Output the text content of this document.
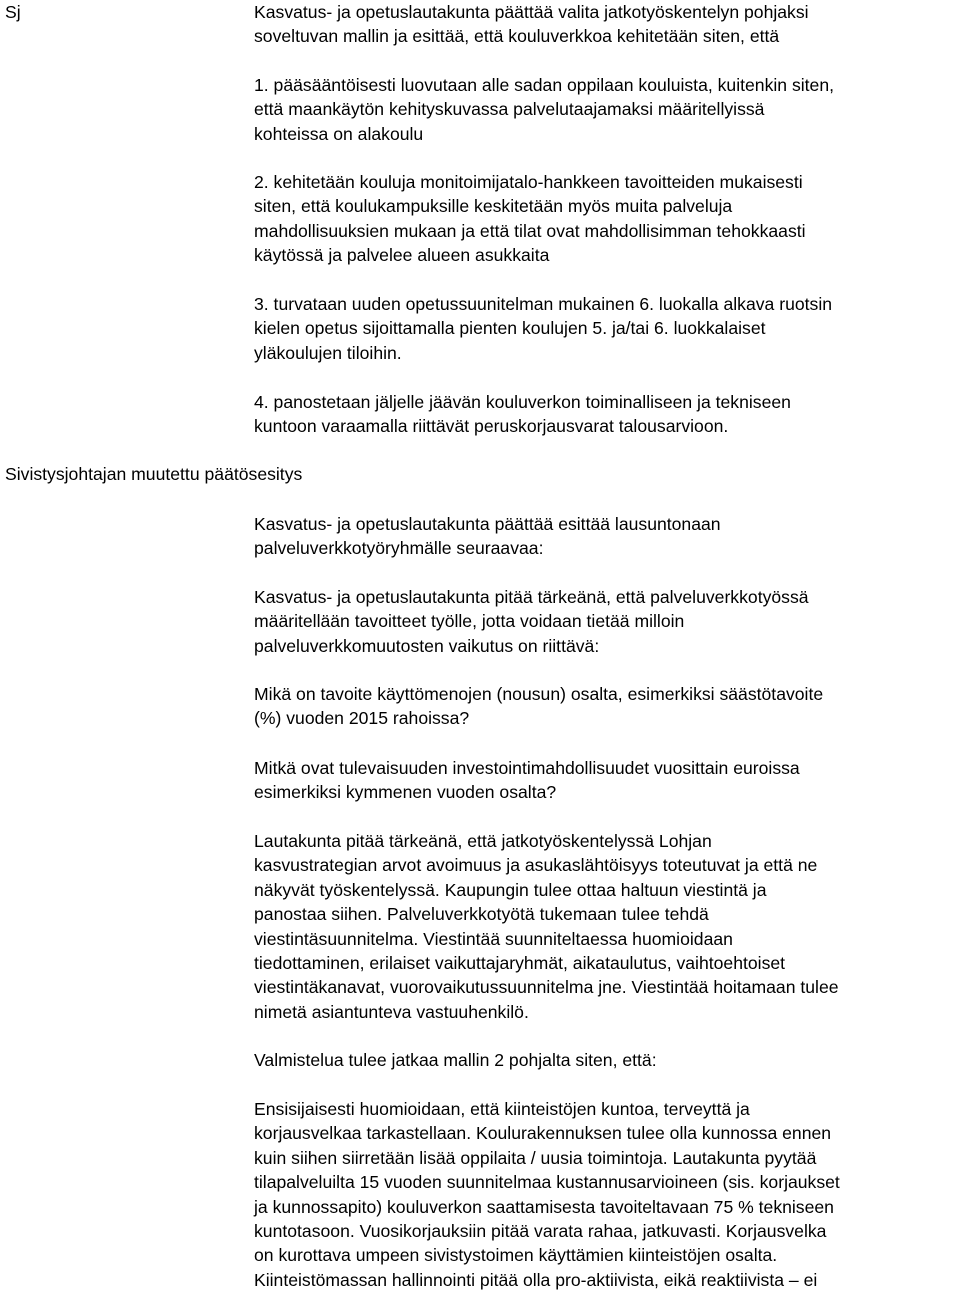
Sj

Sivistysjohtajan muutettu päätösesitys

Kasvatus- ja opetuslautakunta päättää valita jatkotyöskentelyn pohjaksi
soveltuvan mallin ja esittää, että kouluverkkoa kehitetään siten, että

1. pääsääntöisesti luovutaan alle sadan oppilaan kouluista, kuitenkin siten,
että maankäytön kehityskuvassa palvelutaajamaksi määritellyissä
kohteissa on alakoulu

2. kehitetään kouluja monitoimijatalo-hankkeen tavoitteiden mukaisesti
siten, että koulukampuksille keskitetään myös muita palveluja
mahdollisuuksien mukaan ja että tilat ovat mahdollisimman tehokkaasti
käytössä ja palvelee alueen asukkaita

3. turvataan uuden opetussuunitelman mukainen 6. luokalla alkava ruotsin
kielen opetus sijoittamalla pienten koulujen 5. ja/tai 6. luokkalaiset
yläkoulujen tiloihin.

4. panostetaan jäljelle jäävän kouluverkon toiminalliseen ja tekniseen
kuntoon varaamalla riittävät peruskorjausvarat talousarvioon.

Kasvatus- ja opetuslautakunta päättää esittää lausuntonaan
palveluverkkotyöryhmälle seuraavaa:

Kasvatus- ja opetuslautakunta pitää tärkeänä, että palveluverkkotyössä
määritellään tavoitteet työlle, jotta voidaan tietää milloin
palveluverkkomuutosten vaikutus on riittävä:

Mikä on tavoite käyttömenojen (nousun) osalta, esimerkiksi säästötavoite
(%) vuoden 2015 rahoissa?

Mitkä ovat tulevaisuuden investointimahdollisuudet vuosittain euroissa
esimerkiksi kymmenen vuoden osalta?

Lautakunta pitää tärkeänä, että jatkotyöskentelyssä Lohjan
kasvustrategian arvot avoimuus ja asukaslähtöisyys toteutuvat ja että ne
näkyvät työskentelyssä. Kaupungin tulee ottaa haltuun viestintä ja
panostaa siihen. Palveluverkkotyötä tukemaan tulee tehdä
viestintäsuunnitelma. Viestintää suunniteltaessa huomioidaan
tiedottaminen, erilaiset vaikuttajaryhmät, aikataulutus, vaihtoehtoiset
viestintäkanavat, vuorovaikutussuunnitelma jne. Viestintää hoitamaan tulee
nimetä asiantunteva vastuuhenkilö.

Valmistelua tulee jatkaa mallin 2 pohjalta siten, että:

Ensisijaisesti huomioidaan, että kiinteistöjen kuntoa, terveyttä ja
korjausvelkaa tarkastellaan. Koulurakennuksen tulee olla kunnossa ennen
kuin siihen siirretään lisää oppilaita / uusia toimintoja. Lautakunta pyytää
tilapalveluilta 15 vuoden suunnitelmaa kustannusarvioineen (sis. korjaukset
ja kunnossapito) kouluverkon saattamisesta tavoiteltavaan 75 % tekniseen
kuntotasoon. Vuosikorjauksiin pitää varata rahaa, jatkuvasti. Korjausvelka
on kurottava umpeen sivistystoimen käyttämien kiinteistöjen osalta.
Kiinteistömassan hallinnointi pitää olla pro-aktiivista, eikä reaktiivista – ei
